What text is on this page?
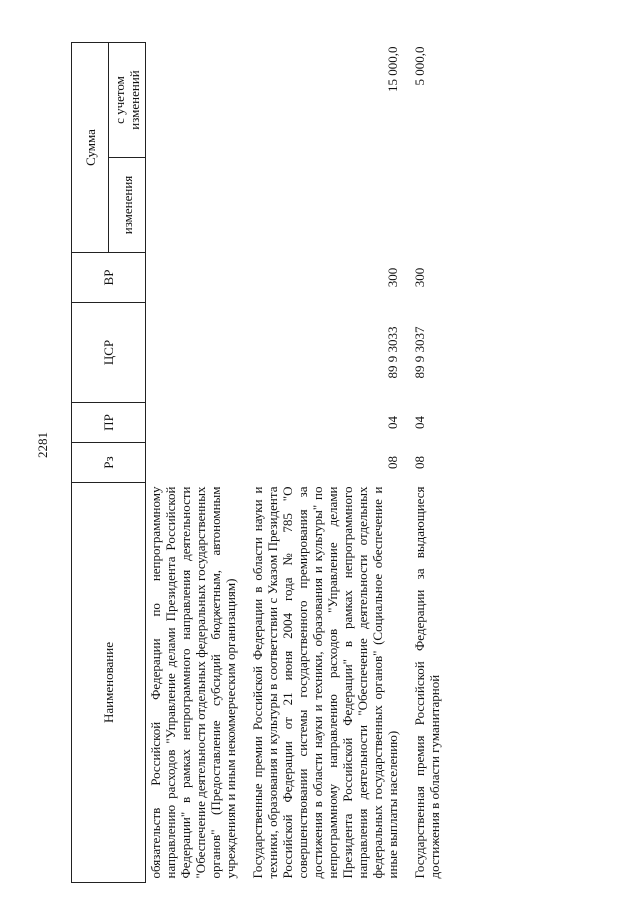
2281
Наименование	Рз	ПР	ЦСР	ВР	Сумма	
					изменения	с учетом изменений
обязательств Российской Федерации по непрограммному направлению расходов "Управление делами Президента Российской Федерации" в рамках непрограммного направления деятельности "Обеспечение деятельности отдельных федеральных государственных органов" (Предоставление субсидий бюджетным, автономным учреждениям и иным некоммерческим организациям)						
Государственные премии Российской Федерации в области науки и техники, образования и культуры в соответствии с Указом Президента Российской Федерации от 21 июня 2004 года № 785 "О совершенствовании системы государственного премирования за достижения в области науки и техники, образования и культуры" по непрограммному направлению расходов "Управление делами Президента Российской Федерации" в рамках непрограммного направления деятельности "Обеспечение деятельности отдельных федеральных государственных органов" (Социальное обеспечение и иные выплаты населению)	08	04	89 9 3033	300		15 000,0
Государственная премия Российской Федерации за выдающиеся достижения в области гуманитарной	08	04	89 9 3037	300		5 000,0
